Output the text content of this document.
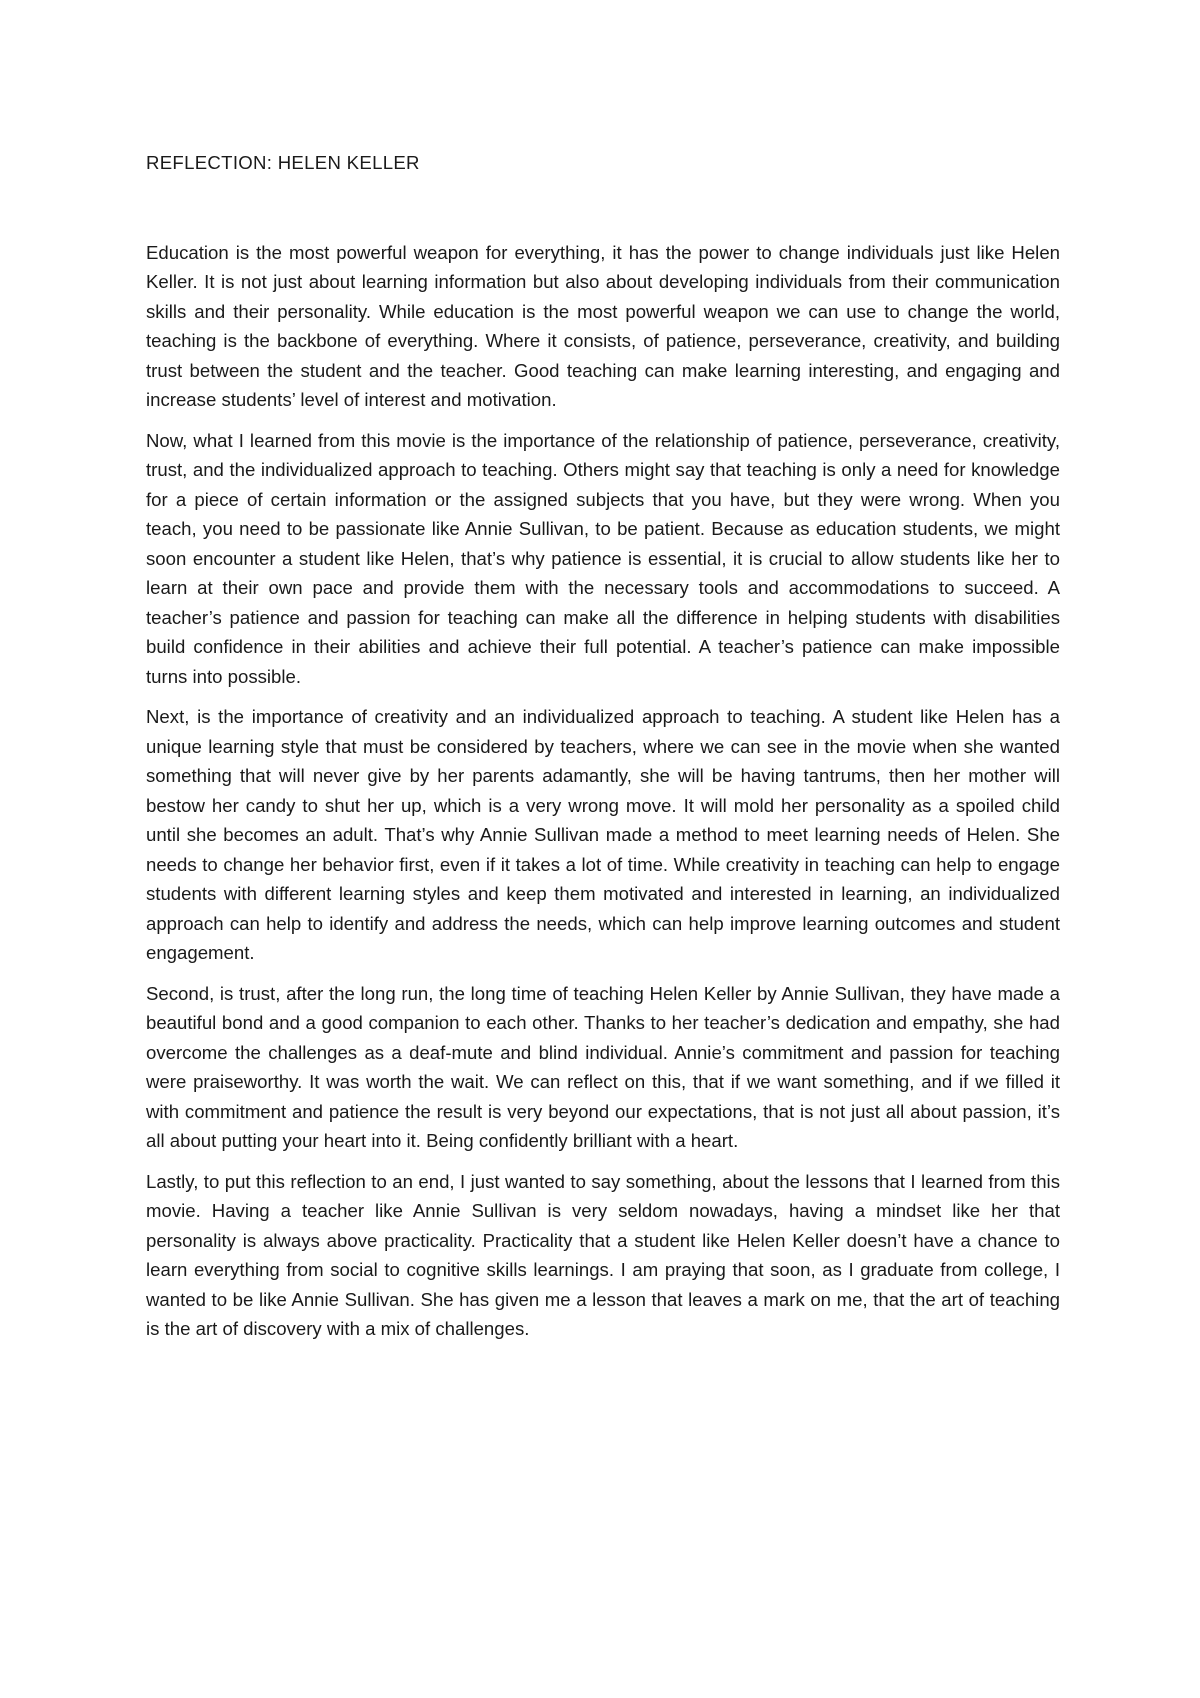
REFLECTION: HELEN KELLER

Education is the most powerful weapon for everything, it has the power to change individuals just like Helen Keller. It is not just about learning information but also about developing individuals from their communication skills and their personality. While education is the most powerful weapon we can use to change the world, teaching is the backbone of everything. Where it consists, of patience, perseverance, creativity, and building trust between the student and the teacher. Good teaching can make learning interesting, and engaging and increase students’ level of interest and motivation.

Now, what I learned from this movie is the importance of the relationship of patience, perseverance, creativity, trust, and the individualized approach to teaching. Others might say that teaching is only a need for knowledge for a piece of certain information or the assigned subjects that you have, but they were wrong. When you teach, you need to be passionate like Annie Sullivan, to be patient. Because as education students, we might soon encounter a student like Helen, that’s why patience is essential, it is crucial to allow students like her to learn at their own pace and provide them with the necessary tools and accommodations to succeed. A teacher’s patience and passion for teaching can make all the difference in helping students with disabilities build confidence in their abilities and achieve their full potential. A teacher’s patience can make impossible turns into possible.

Next, is the importance of creativity and an individualized approach to teaching. A student like Helen has a unique learning style that must be considered by teachers, where we can see in the movie when she wanted something that will never give by her parents adamantly, she will be having tantrums, then her mother will bestow her candy to shut her up, which is a very wrong move. It will mold her personality as a spoiled child until she becomes an adult. That’s why Annie Sullivan made a method to meet learning needs of Helen. She needs to change her behavior first, even if it takes a lot of time. While creativity in teaching can help to engage students with different learning styles and keep them motivated and interested in learning, an individualized approach can help to identify and address the needs, which can help improve learning outcomes and student engagement.

Second, is trust, after the long run, the long time of teaching Helen Keller by Annie Sullivan, they have made a beautiful bond and a good companion to each other. Thanks to her teacher’s dedication and empathy, she had overcome the challenges as a deaf-mute and blind individual. Annie’s commitment and passion for teaching were praiseworthy. It was worth the wait. We can reflect on this, that if we want something, and if we filled it with commitment and patience the result is very beyond our expectations, that is not just all about passion, it’s all about putting your heart into it. Being confidently brilliant with a heart.

Lastly, to put this reflection to an end, I just wanted to say something, about the lessons that I learned from this movie. Having a teacher like Annie Sullivan is very seldom nowadays, having a mindset like her that personality is always above practicality. Practicality that a student like Helen Keller doesn’t have a chance to learn everything from social to cognitive skills learnings. I am praying that soon, as I graduate from college, I wanted to be like Annie Sullivan. She has given me a lesson that leaves a mark on me, that the art of teaching is the art of discovery with a mix of challenges.
